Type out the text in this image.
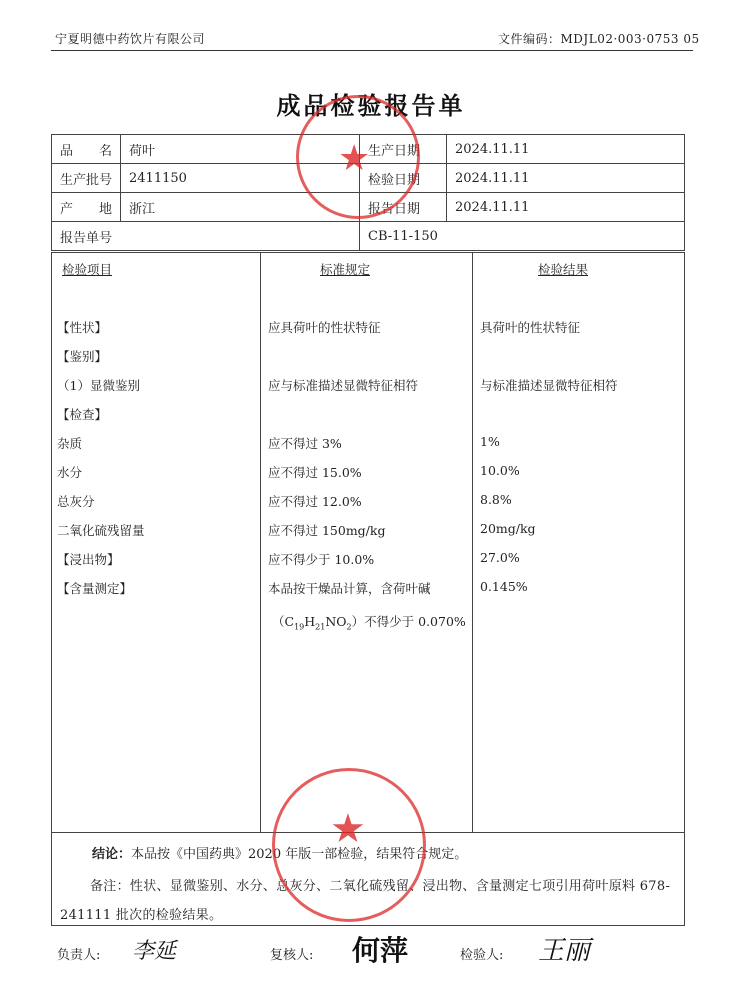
宁夏明德中药饮片有限公司	文件编码：MDJL02·003·0753 05
成品检验报告单
品　　名	荷叶	生产日期	2024.11.11
生产批号	2411150	检验日期	2024.11.11
产　　地	浙江	报告日期	2024.11.11
报告单号		CB-11-150	
检验项目	标准规定	检验结果
【性状】	应具荷叶的性状特征	具荷叶的性状特征
【鉴别】
（1）显微鉴别	应与标准描述显微特征相符	与标准描述显微特征相符
【检查】
杂质	应不得过 3%	1%
水分	应不得过 15.0%	10.0%
总灰分	应不得过 12.0%	8.8%
二氧化硫残留量	应不得过 150mg/kg	20mg/kg
【浸出物】	应不得少于 10.0%	27.0%
【含量测定】	本品按干燥品计算，含荷叶碱	0.145%
$(C_{19}H_{21}NO_2)$不得少于 0.070%
结论：本品按《中国药典》2020 年版一部检验，结果符合规定。
备注：性状、显微鉴别、水分、总灰分、二氧化硫残留、浸出物、含量测定七项引用荷叶原料 678-241111 批次的检验结果。
负责人: 李延	复核人: 何萍	检验人: 王丽
★
★
